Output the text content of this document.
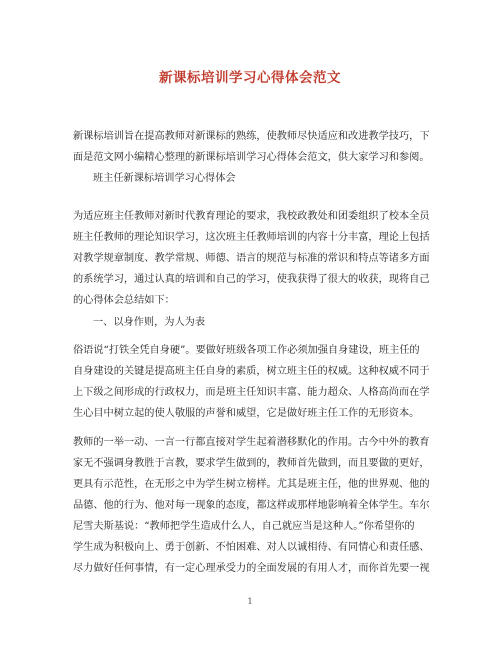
新课标培训学习心得体会范文

新课标培训旨在提高教师对新课标的熟练，使教师尽快适应和改进教学技巧，下
面是范文网小编精心整理的新课标培训学习心得体会范文，供大家学习和参阅。

班主任新课标培训学习心得体会

为适应班主任教师对新时代教育理论的要求，我校政教处和团委组织了校本全员
班主任教师的理论知识学习，这次班主任教师培训的内容十分丰富，理论上包括
对教学规章制度、教学常规、师德、语言的规范与标准的常识和特点等诸多方面
的系统学习，通过认真的培训和自己的学习，使我获得了很大的收获，现将自己
的心得体会总结如下：

一、以身作则，为人为表

俗语说“打铁全凭自身硬”。要做好班级各项工作必须加强自身建设，班主任的
自身建设的关键是提高班主任自身的素质，树立班主任的权威。这种权威不同于
上下级之间形成的行政权力，而是班主任知识丰富、能力超众、人格高尚而在学
生心目中树立起的使人敬服的声誉和威望，它是做好班主任工作的无形资本。

教师的一举一动、一言一行都直接对学生起着潜移默化的作用。古今中外的教育
家无不强调身教胜于言教，要求学生做到的，教师首先做到，而且要做的更好，
更具有示范性，在无形之中为学生树立榜样。尤其是班主任，他的世界观、他的
品德、他的行为、他对每一现象的态度，都这样或那样地影响着全体学生。车尔
尼雪夫斯基说：“教师把学生造成什么人，自己就应当是这种人。”你希望你的
学生成为积极向上、勇于创新、不怕困难、对人以诚相待、有同情心和责任感、
尽力做好任何事情，有一定心理承受力的全面发展的有用人才，而你首先要一视

1
